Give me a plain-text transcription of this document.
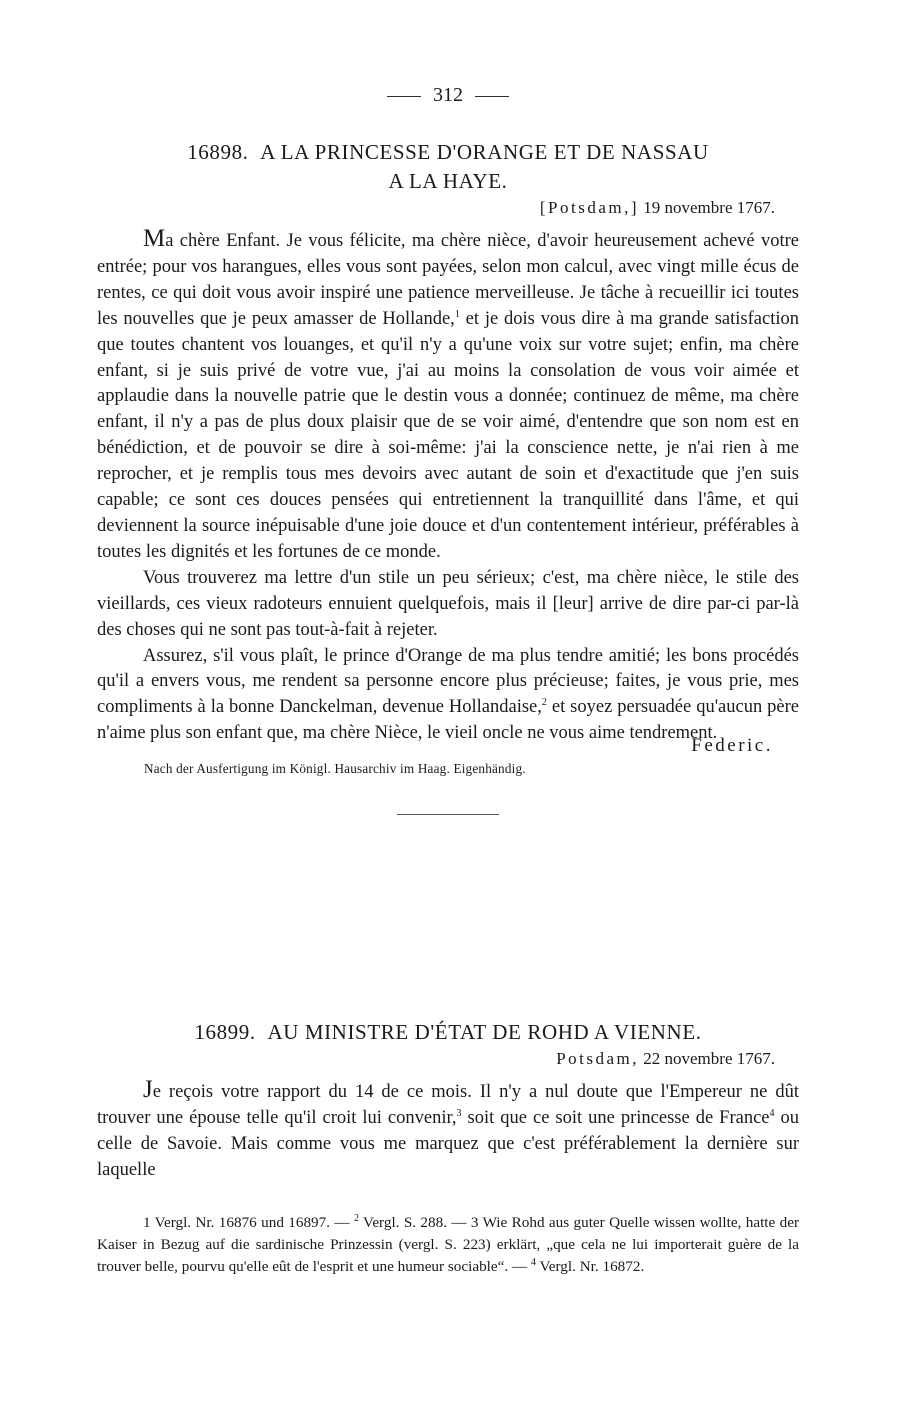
312
16898. A LA PRINCESSE D'ORANGE ET DE NASSAU
A LA HAYE.
[Potsdam,] 19 novembre 1767.

Ma chère Enfant. Je vous félicite, ma chère nièce, d'avoir heureusement achevé votre entrée; pour vos harangues, elles vous sont payées, selon mon calcul, avec vingt mille écus de rentes, ce qui doit vous avoir inspiré une patience merveilleuse. Je tâche à recueillir ici toutes les nouvelles que je peux amasser de Hollande,$^1$ et je dois vous dire à ma grande satisfaction que toutes chantent vos louanges, et qu'il n'y a qu'une voix sur votre sujet; enfin, ma chère enfant, si je suis privé de votre vue, j'ai au moins la consolation de vous voir aimée et applaudie dans la nouvelle patrie que le destin vous a donnée; continuez de même, ma chère enfant, il n'y a pas de plus doux plaisir que de se voir aimé, d'entendre que son nom est en bénédiction, et de pouvoir se dire à soi-même: j'ai la conscience nette, je n'ai rien à me reprocher, et je remplis tous mes devoirs avec autant de soin et d'exactitude que j'en suis capable; ce sont ces douces pensées qui entretiennent la tranquillité dans l'âme, et qui deviennent la source inépuisable d'une joie douce et d'un contentement intérieur, préférables à toutes les dignités et les fortunes de ce monde.

Vous trouverez ma lettre d'un stile un peu sérieux; c'est, ma chère nièce, le stile des vieillards, ces vieux radoteurs ennuient quelquefois, mais il [leur] arrive de dire par-ci par-là des choses qui ne sont pas tout-à-fait à rejeter.

Assurez, s'il vous plaît, le prince d'Orange de ma plus tendre amitié; les bons procédés qu'il a envers vous, me rendent sa personne encore plus précieuse; faites, je vous prie, mes compliments à la bonne Danckelman, devenue Hollandaise,$^2$ et soyez persuadée qu'aucun père n'aime plus son enfant que, ma chère Nièce, le vieil oncle ne vous aime tendrement.

Federic.
Nach der Ausfertigung im Königl. Hausarchiv im Haag. Eigenhändig.
16899. AU MINISTRE D'ÉTAT DE ROHD A VIENNE.
Potsdam, 22 novembre 1767.

Je reçois votre rapport du 14 de ce mois. Il n'y a nul doute que l'Empereur ne dût trouver une épouse telle qu'il croit lui convenir,$^3$ soit que ce soit une princesse de France$^4$ ou celle de Savoie. Mais comme vous me marquez que c'est préférablement la dernière sur laquelle

1 Vergl. Nr. 16876 und 16897. — $^2$ Vergl. S. 288. — 3 Wie Rohd aus guter Quelle wissen wollte, hatte der Kaiser in Bezug auf die sardinische Prinzessin (vergl. S. 223) erklärt, „que cela ne lui importerait guère de la trouver belle, pourvu qu'elle eût de l'esprit et une humeur sociable“. — $^4$ Vergl. Nr. 16872.
